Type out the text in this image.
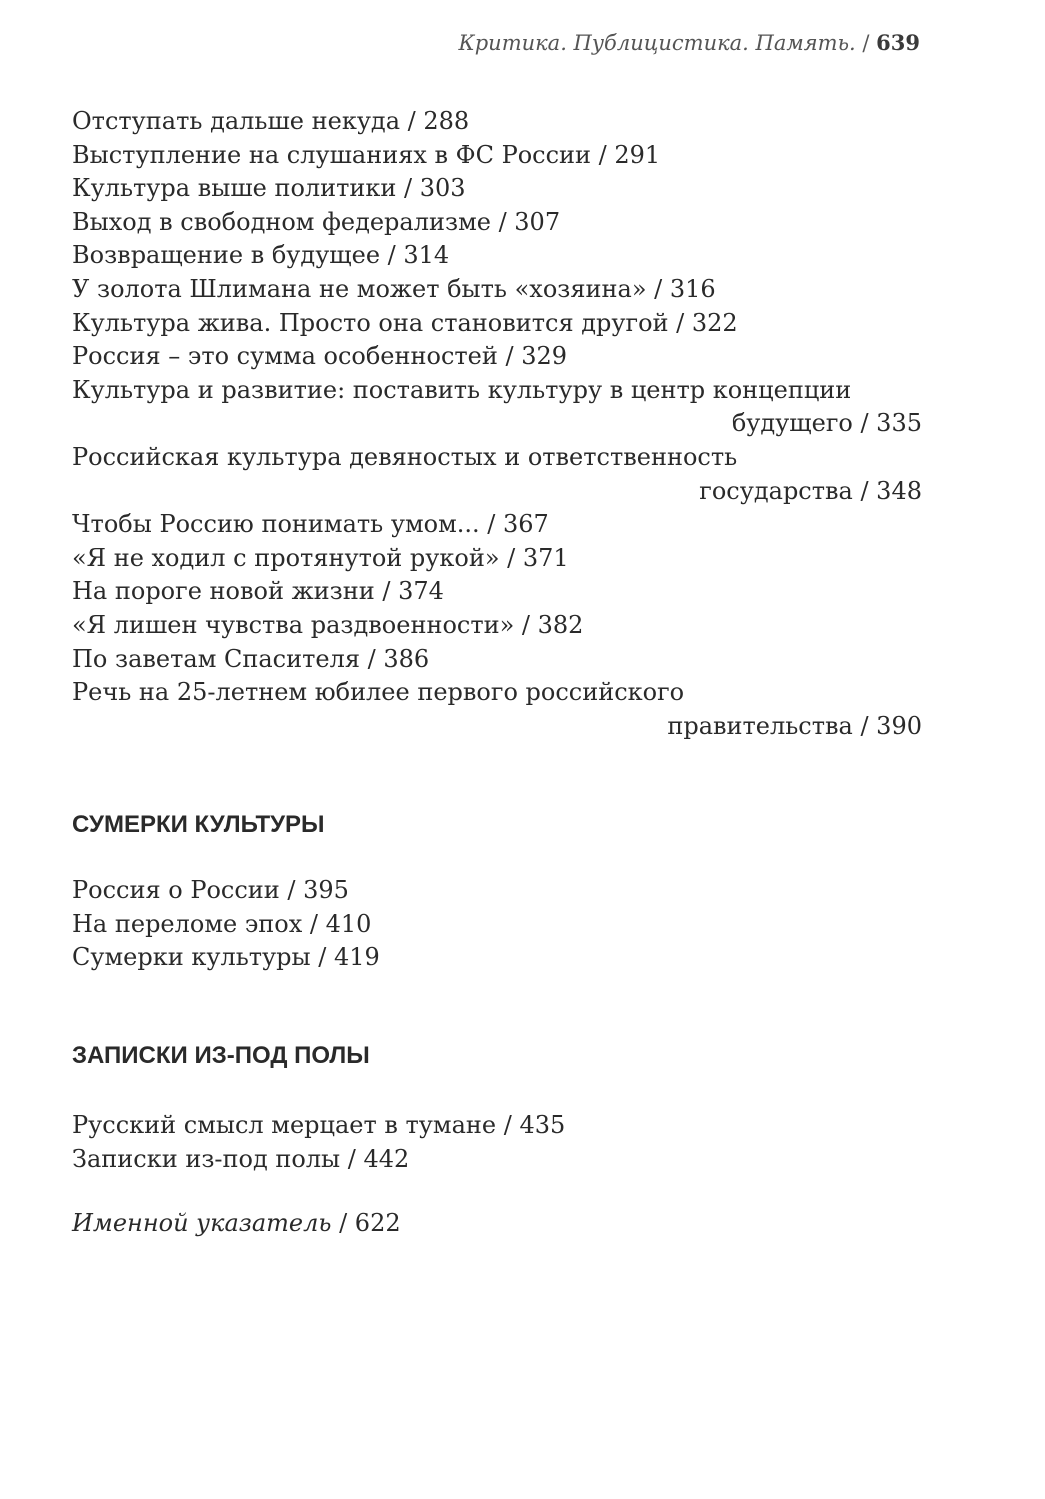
Критика. Публицистика. Память. / 639
Отступать дальше некуда / 288
Выступление на слушаниях в ФС России / 291
Культура выше политики / 303
Выход в свободном федерализме / 307
Возвращение в будущее / 314
У золота Шлимана не может быть «хозяина» / 316
Культура жива. Просто она становится другой / 322
Россия – это сумма особенностей / 329
Культура и развитие: поставить культуру в центр концепции
будущего / 335
Российская культура девяностых и ответственность
государства / 348
Чтобы Россию понимать умом... / 367
«Я не ходил с протянутой рукой» / 371
На пороге новой жизни / 374
«Я лишен чувства раздвоенности» / 382
По заветам Спасителя / 386
Речь на 25-летнем юбилее первого российского
правительства / 390
СУМЕРКИ КУЛЬТУРЫ
Россия о России / 395
На переломе эпох / 410
Сумерки культуры / 419
ЗАПИСКИ ИЗ-ПОД ПОЛЫ
Русский смысл мерцает в тумане / 435
Записки из-под полы / 442
Именной указатель / 622
